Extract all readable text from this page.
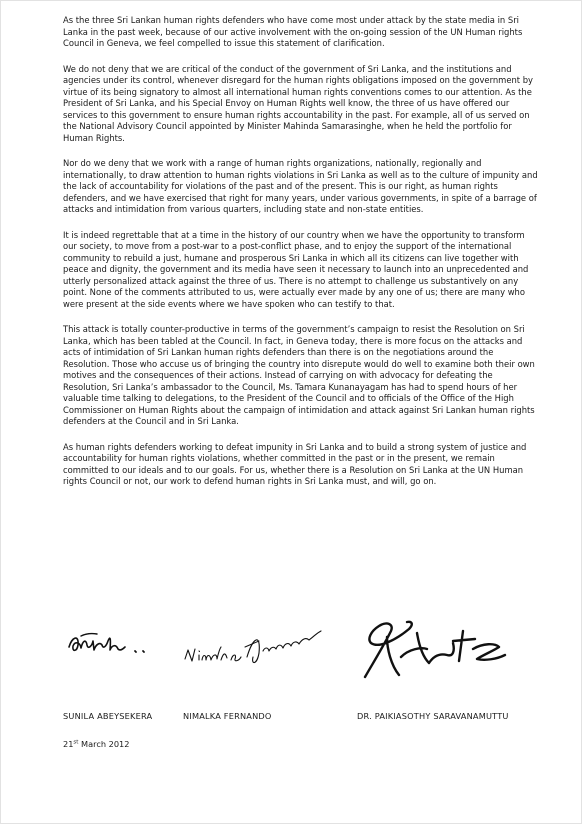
As the three Sri Lankan human rights defenders who have come most under attack by the state media in Sri Lanka in the past week, because of our active involvement with the on-going session of the UN Human rights Council in Geneva, we feel compelled to issue this statement of clarification.

We do not deny that we are critical of the conduct of the government of Sri Lanka, and the institutions and agencies under its control, whenever disregard for the human rights obligations imposed on the government by virtue of its being signatory to almost all international human rights conventions comes to our attention. As the President of Sri Lanka, and his Special Envoy on Human Rights well know, the three of us have offered our services to this government to ensure human rights accountability in the past. For example, all of us served on the National Advisory Council appointed by Minister Mahinda Samarasinghe, when he held the portfolio for Human Rights.

Nor do we deny that we work with a range of human rights organizations, nationally, regionally and internationally, to draw attention to human rights violations in Sri Lanka as well as to the culture of impunity and the lack of accountability for violations of the past and of the present. This is our right, as human rights defenders, and we have exercised that right for many years, under various governments, in spite of a barrage of attacks and intimidation from various quarters, including state and non-state entities.

It is indeed regrettable that at a time in the history of our country when we have the opportunity to transform our society, to move from a post-war to a post-conflict phase, and to enjoy the support of the international community to rebuild a just, humane and prosperous Sri Lanka in which all its citizens can live together with peace and dignity, the government and its media have seen it necessary to launch into an unprecedented and utterly personalized attack against the three of us. There is no attempt to challenge us substantively on any point. None of the comments attributed to us, were actually ever made by any one of us; there are many who were present at the side events where we have spoken who can testify to that.

This attack is totally counter-productive in terms of the government’s campaign to resist the Resolution on Sri Lanka, which has been tabled at the Council. In fact, in Geneva today, there is more focus on the attacks and acts of intimidation of Sri Lankan human rights defenders than there is on the negotiations around the Resolution. Those who accuse us of bringing the country into disrepute would do well to examine both their own motives and the consequences of their actions. Instead of carrying on with advocacy for defeating the Resolution, Sri Lanka’s ambassador to the Council, Ms. Tamara Kunanayagam has had to spend hours of her valuable time talking to delegations, to the President of the Council and to officials of the Office of the High Commissioner on Human Rights about the campaign of intimidation and attack against Sri Lankan human rights defenders at the Council and in Sri Lanka.

As human rights defenders working to defeat impunity in Sri Lanka and to build a strong system of justice and accountability for human rights violations, whether committed in the past or in the present, we remain committed to our ideals and to our goals. For us, whether there is a Resolution on Sri Lanka at the UN Human rights Council or not, our work to defend human rights in Sri Lanka must, and will, go on.

SUNILA ABEYSEKERA	NIMALKA FERNANDO	DR. PAIKIASOTHY SARAVANAMUTTU
21st March 2012
